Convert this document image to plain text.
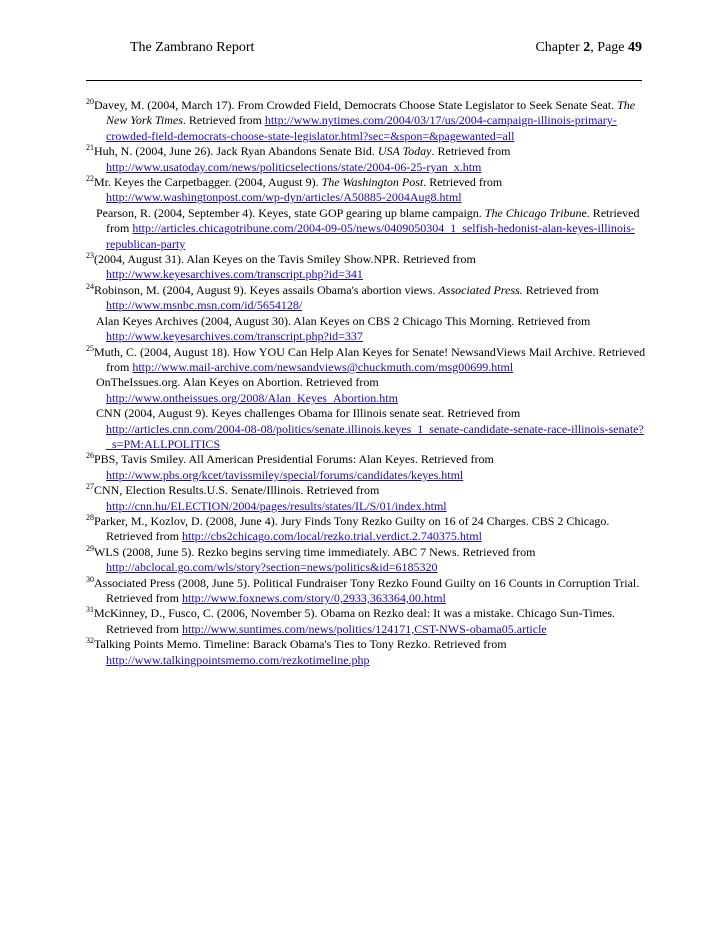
The Zambrano Report	Chapter 2, Page 49

$^{20}$Davey, M. (2004, March 17). From Crowded Field, Democrats Choose State Legislator to Seek Senate Seat. The New York Times. Retrieved from http://www.nytimes.com/2004/03/17/us/2004-campaign-illinois-primary-crowded-field-democrats-choose-state-legislator.html?sec=&spon=&pagewanted=all

$^{21}$Huh, N. (2004, June 26). Jack Ryan Abandons Senate Bid. USA Today. Retrieved from http://www.usatoday.com/news/politicselections/state/2004-06-25-ryan_x.htm

$^{22}$Mr. Keyes the Carpetbagger. (2004, August 9). The Washington Post. Retrieved from http://www.washingtonpost.com/wp-dyn/articles/A50885-2004Aug8.html

Pearson, R. (2004, September 4). Keyes, state GOP gearing up blame campaign. The Chicago Tribune. Retrieved from http://articles.chicagotribune.com/2004-09-05/news/0409050304_1_selfish-hedonist-alan-keyes-illinois-republican-party

$^{23}$(2004, August 31). Alan Keyes on the Tavis Smiley Show.NPR. Retrieved from http://www.keyesarchives.com/transcript.php?id=341

$^{24}$Robinson, M. (2004, August 9). Keyes assails Obama's abortion views. Associated Press. Retrieved from http://www.msnbc.msn.com/id/5654128/

Alan Keyes Archives (2004, August 30). Alan Keyes on CBS 2 Chicago This Morning. Retrieved from http://www.keyesarchives.com/transcript.php?id=337

$^{25}$Muth, C. (2004, August 18). How YOU Can Help Alan Keyes for Senate! NewsandViews Mail Archive. Retrieved from http://www.mail-archive.com/newsandviews@chuckmuth.com/msg00699.html

OnTheIssues.org. Alan Keyes on Abortion. Retrieved from http://www.ontheissues.org/2008/Alan_Keyes_Abortion.htm

CNN (2004, August 9). Keyes challenges Obama for Illinois senate seat. Retrieved from http://articles.cnn.com/2004-08-08/politics/senate.illinois.keyes_1_senate-candidate-senate-race-illinois-senate?_s=PM:ALLPOLITICS

$^{26}$PBS, Tavis Smiley. All American Presidential Forums: Alan Keyes. Retrieved from http://www.pbs.org/kcet/tavissmiley/special/forums/candidates/keyes.html

$^{27}$CNN, Election Results.U.S. Senate/Illinois. Retrieved from http://cnn.hu/ELECTION/2004/pages/results/states/IL/S/01/index.html

$^{28}$Parker, M., Kozlov, D. (2008, June 4). Jury Finds Tony Rezko Guilty on 16 of 24 Charges. CBS 2 Chicago. Retrieved from http://cbs2chicago.com/local/rezko.trial.verdict.2.740375.html

$^{29}$WLS (2008, June 5). Rezko begins serving time immediately. ABC 7 News. Retrieved from http://abclocal.go.com/wls/story?section=news/politics&id=6185320

$^{30}$Associated Press (2008, June 5). Political Fundraiser Tony Rezko Found Guilty on 16 Counts in Corruption Trial. Retrieved from http://www.foxnews.com/story/0,2933,363364,00.html

$^{31}$McKinney, D., Fusco, C. (2006, November 5). Obama on Rezko deal: It was a mistake. Chicago Sun-Times. Retrieved from http://www.suntimes.com/news/politics/124171,CST-NWS-obama05.article

$^{32}$Talking Points Memo. Timeline: Barack Obama's Ties to Tony Rezko. Retrieved from http://www.talkingpointsmemo.com/rezkotimeline.php
